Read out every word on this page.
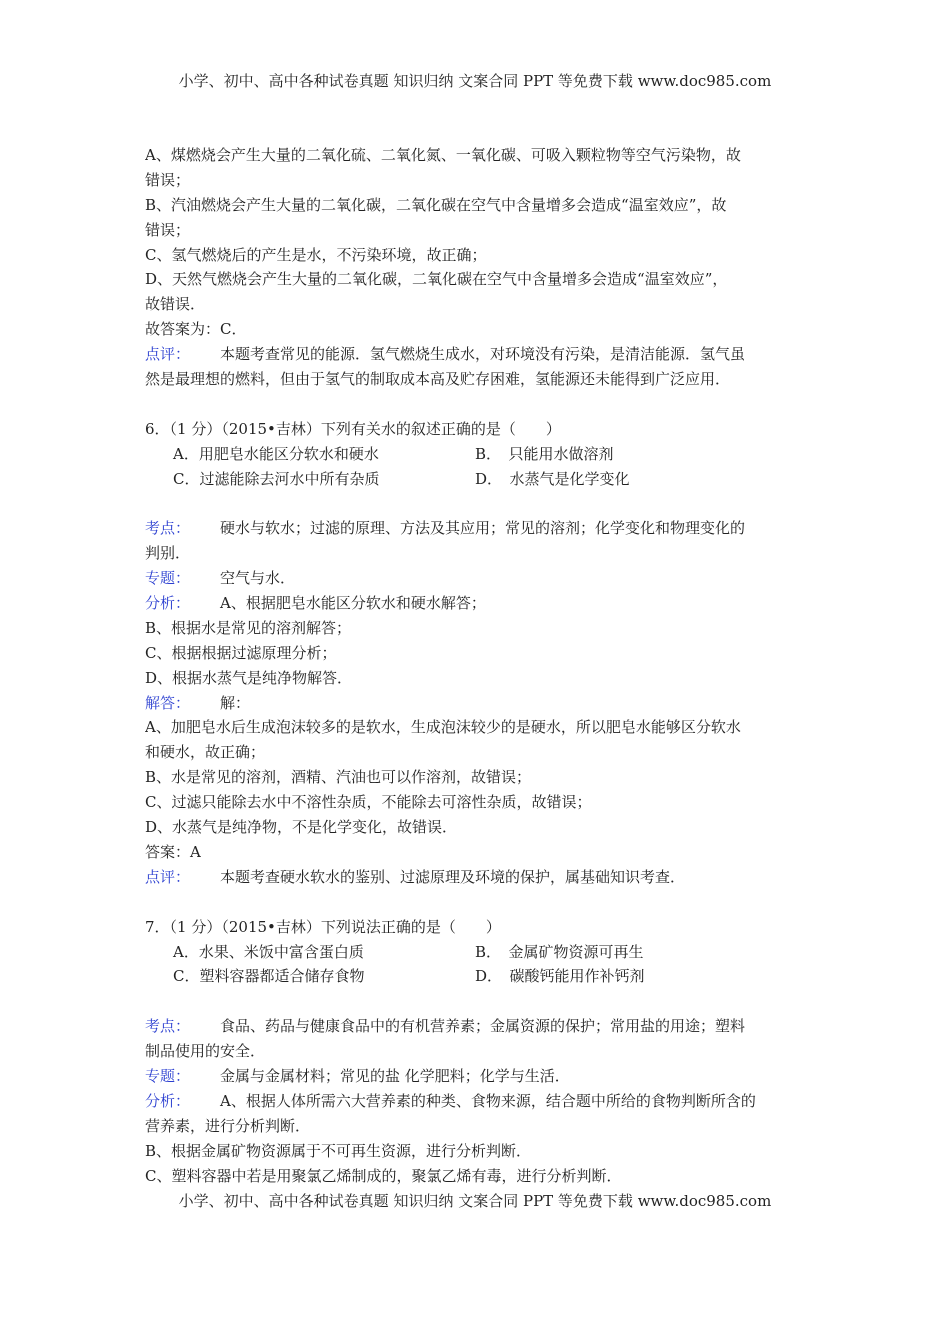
小学、初中、高中各种试卷真题 知识归纳 文案合同 PPT 等免费下载 www.doc985.com
A、煤燃烧会产生大量的二氧化硫、二氧化氮、一氧化碳、可吸入颗粒物等空气污染物，故
错误；
B、汽油燃烧会产生大量的二氧化碳，二氧化碳在空气中含量增多会造成“温室效应”，故
错误；
C、氢气燃烧后的产生是水，不污染环境，故正确；
D、天然气燃烧会产生大量的二氧化碳，二氧化碳在空气中含量增多会造成“温室效应”，
故错误．
故答案为：C．
点评： 本题考查常见的能源．氢气燃烧生成水，对环境没有污染，是清洁能源．氢气虽
然是最理想的燃料，但由于氢气的制取成本高及贮存困难，氢能源还未能得到广泛应用．
6．（1 分）（2015•吉林）下列有关水的叙述正确的是（　　）
A．用肥皂水能区分软水和硬水	B．　只能用水做溶剂
C．过滤能除去河水中所有杂质	D．　水蒸气是化学变化
考点： 硬水与软水；过滤的原理、方法及其应用；常见的溶剂；化学变化和物理变化的
判别．
专题： 空气与水．
分析： A、根据肥皂水能区分软水和硬水解答；
B、根据水是常见的溶剂解答；
C、根据根据过滤原理分析；
D、根据水蒸气是纯净物解答．
解答： 解：
A、加肥皂水后生成泡沫较多的是软水，生成泡沫较少的是硬水，所以肥皂水能够区分软水
和硬水，故正确；
B、水是常见的溶剂，酒精、汽油也可以作溶剂，故错误；
C、过滤只能除去水中不溶性杂质，不能除去可溶性杂质，故错误；
D、水蒸气是纯净物，不是化学变化，故错误．
答案：A
点评： 本题考查硬水软水的鉴别、过滤原理及环境的保护，属基础知识考查．
7．（1 分）（2015•吉林）下列说法正确的是（　　）
A．水果、米饭中富含蛋白质	B．　金属矿物资源可再生
C．塑料容器都适合储存食物	D．　碳酸钙能用作补钙剂
考点： 食品、药品与健康食品中的有机营养素；金属资源的保护；常用盐的用途；塑料
制品使用的安全．
专题： 金属与金属材料；常见的盐 化学肥料；化学与生活．
分析： A、根据人体所需六大营养素的种类、食物来源，结合题中所给的食物判断所含的
营养素，进行分析判断．
B、根据金属矿物资源属于不可再生资源，进行分析判断．
C、塑料容器中若是用聚氯乙烯制成的，聚氯乙烯有毒，进行分析判断．
小学、初中、高中各种试卷真题 知识归纳 文案合同 PPT 等免费下载 www.doc985.com
